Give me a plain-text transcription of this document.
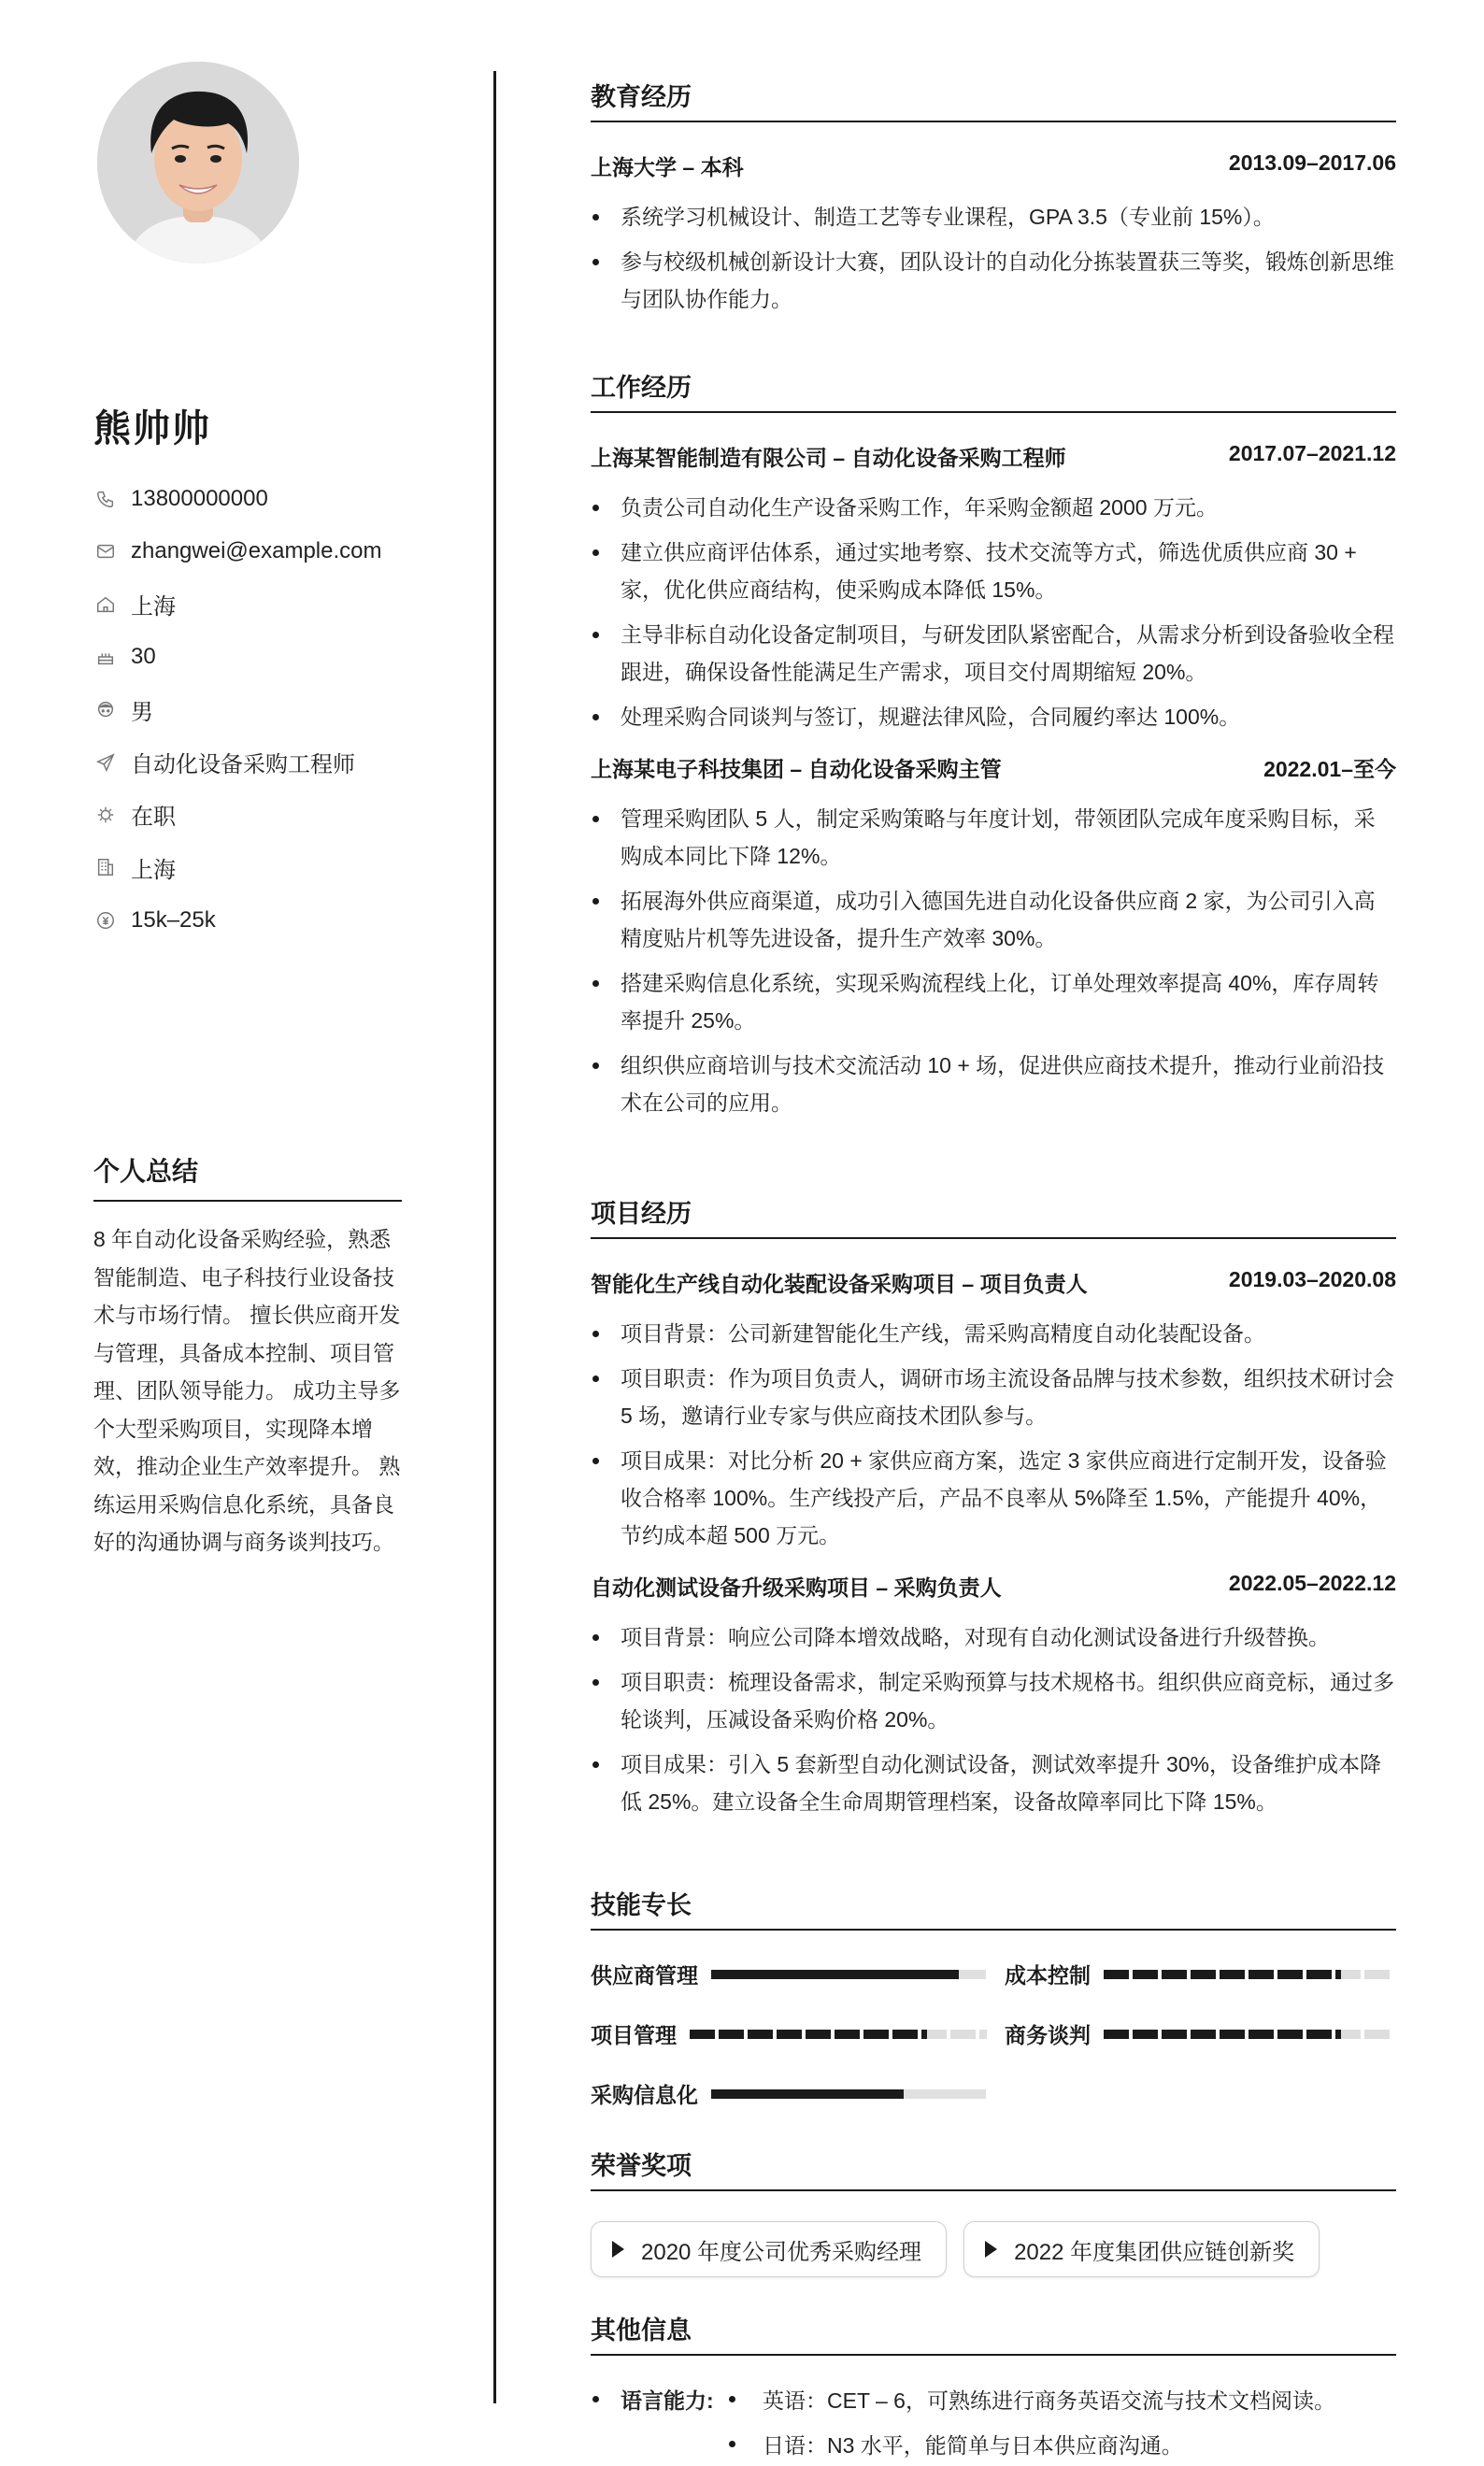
熊帅帅
13800000000
zhangwei@example.com
上海
30
男
自动化设备采购工程师
在职
上海
15k–25k
个人总结
8 年自动化设备采购经验，熟悉智能制造、电子科技行业设备技术与市场行情。 擅长供应商开发与管理，具备成本控制、项目管理、团队领导能力。 成功主导多个大型采购项目，实现降本增效，推动企业生产效率提升。 熟练运用采购信息化系统，具备良好的沟通协调与商务谈判技巧。
教育经历
上海大学 – 本科	2013.09–2017.06
系统学习机械设计、制造工艺等专业课程，GPA 3.5（专业前 15%）。
参与校级机械创新设计大赛，团队设计的自动化分拣装置获三等奖，锻炼创新思维与团队协作能力。
工作经历
上海某智能制造有限公司 – 自动化设备采购工程师	2017.07–2021.12
负责公司自动化生产设备采购工作，年采购金额超 2000 万元。
建立供应商评估体系，通过实地考察、技术交流等方式，筛选优质供应商 30 + 家，优化供应商结构，使采购成本降低 15%。
主导非标自动化设备定制项目，与研发团队紧密配合，从需求分析到设备验收全程跟进，确保设备性能满足生产需求，项目交付周期缩短 20%。
处理采购合同谈判与签订，规避法律风险，合同履约率达 100%。
上海某电子科技集团 – 自动化设备采购主管	2022.01–至今
管理采购团队 5 人，制定采购策略与年度计划，带领团队完成年度采购目标，采购成本同比下降 12%。
拓展海外供应商渠道，成功引入德国先进自动化设备供应商 2 家，为公司引入高精度贴片机等先进设备，提升生产效率 30%。
搭建采购信息化系统，实现采购流程线上化，订单处理效率提高 40%，库存周转率提升 25%。
组织供应商培训与技术交流活动 10 + 场，促进供应商技术提升，推动行业前沿技术在公司的应用。
项目经历
智能化生产线自动化装配设备采购项目 – 项目负责人	2019.03–2020.08
项目背景：公司新建智能化生产线，需采购高精度自动化装配设备。
项目职责：作为项目负责人，调研市场主流设备品牌与技术参数，组织技术研讨会 5 场，邀请行业专家与供应商技术团队参与。
项目成果：对比分析 20 + 家供应商方案，选定 3 家供应商进行定制开发，设备验收合格率 100%。生产线投产后，产品不良率从 5%降至 1.5%，产能提升 40%，节约成本超 500 万元。
自动化测试设备升级采购项目 – 采购负责人	2022.05–2022.12
项目背景：响应公司降本增效战略，对现有自动化测试设备进行升级替换。
项目职责：梳理设备需求，制定采购预算与技术规格书。组织供应商竞标，通过多轮谈判，压减设备采购价格 20%。
项目成果：引入 5 套新型自动化测试设备，测试效率提升 30%，设备维护成本降低 25%。建立设备全生命周期管理档案，设备故障率同比下降 15%。
技能专长
供应商管理	成本控制
项目管理	商务谈判
采购信息化
荣誉奖项
2020 年度公司优秀采购经理	2022 年度集团供应链创新奖
其他信息
语言能力:	英语：CET – 6，可熟练进行商务英语交流与技术文档阅读。
日语：N3 水平，能简单与日本供应商沟通。
